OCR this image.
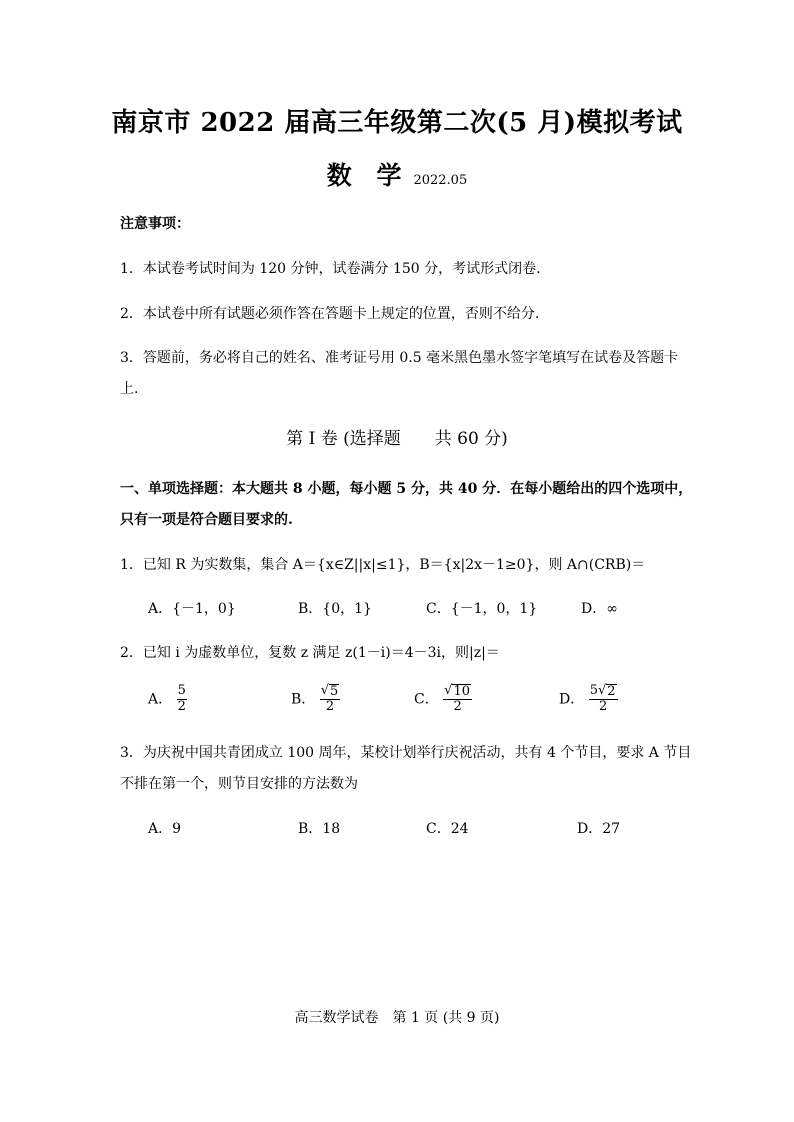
南京市 2022 届高三年级第二次(5 月)模拟考试
数 学 2022.05
注意事项：
1．本试卷考试时间为 120 分钟，试卷满分 150 分，考试形式闭卷.
2．本试卷中所有试题必须作答在答题卡上规定的位置，否则不给分.
3．答题前，务必将自己的姓名、准考证号用 0.5 毫米黑色墨水签字笔填写在试卷及答题卡
上.
第 Ⅰ 卷 (选择题　　共 60 分)
一、单项选择题：本大题共 8 小题，每小题 5 分，共 40 分．在每小题给出的四个选项中，
只有一项是符合题目要求的.
1．已知 R 为实数集，集合 A＝{x∈Z||x|≤1}，B＝{x|2x－1≥0}，则 A∩(CRB)＝
A．{－1，0}	B．{0，1}	C．{－1，0，1}	D．∞
2．已知 i 为虚数单位，复数 z 满足 z(1－i)＝4－3i，则|z|＝
A． $\frac{5}{2}$	B． $\frac{√ 5}{2}$	C． $\frac{√ 10}{2}$	D． $\frac{5 √ 2}{2}$
3．为庆祝中国共青团成立 100 周年，某校计划举行庆祝活动，共有 4 个节目，要求 A 节目
不排在第一个，则节目安排的方法数为
A．9	B．18	C．24	D．27
高三数学试卷　第 1 页 (共 9 页)
